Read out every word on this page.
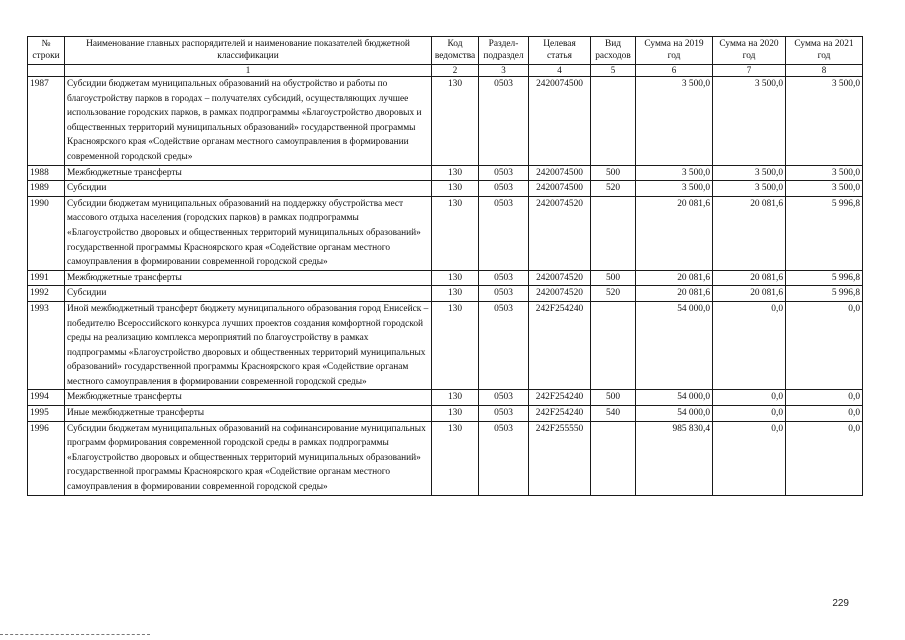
№ строки	Наименование главных распорядителей и наименование показателей бюджетной классификации	Код ведомства	Раздел-подраздел	Целевая статья	Вид расходов	Сумма на 2019 год	Сумма на 2020 год	Сумма на 2021 год
	1	2	3	4	5	6	7	8
1987	Субсидии бюджетам муниципальных образований на обустройство и работы по благоустройству парков в городах – получателях субсидий, осуществляющих лучшее использование городских парков, в рамках подпрограммы «Благоустройство дворовых и общественных территорий муниципальных образований» государственной программы Красноярского края «Содействие органам местного самоуправления в формировании современной городской среды»	130	0503	2420074500		3 500,0	3 500,0	3 500,0
1988	Межбюджетные трансферты	130	0503	2420074500	500	3 500,0	3 500,0	3 500,0
1989	Субсидии	130	0503	2420074500	520	3 500,0	3 500,0	3 500,0
1990	Субсидии бюджетам муниципальных образований на поддержку обустройства мест массового отдыха населения (городских парков) в рамках подпрограммы «Благоустройство дворовых и общественных территорий муниципальных образований» государственной программы Красноярского края «Содействие органам местного самоуправления в формировании современной городской среды»	130	0503	2420074520		20 081,6	20 081,6	5 996,8
1991	Межбюджетные трансферты	130	0503	2420074520	500	20 081,6	20 081,6	5 996,8
1992	Субсидии	130	0503	2420074520	520	20 081,6	20 081,6	5 996,8
1993	Иной межбюджетный трансферт бюджету муниципального образования город Енисейск – победителю Всероссийского конкурса лучших проектов создания комфортной городской среды на реализацию комплекса мероприятий по благоустройству в рамках подпрограммы «Благоустройство дворовых и общественных территорий муниципальных образований» государственной программы Красноярского края «Содействие органам местного самоуправления в формировании современной городской среды»	130	0503	242F254240		54 000,0	0,0	0,0
1994	Межбюджетные трансферты	130	0503	242F254240	500	54 000,0	0,0	0,0
1995	Иные межбюджетные трансферты	130	0503	242F254240	540	54 000,0	0,0	0,0
1996	Субсидии бюджетам муниципальных образований на софинансирование муниципальных программ формирования современной городской среды в рамках подпрограммы «Благоустройство дворовых и общественных территорий муниципальных образований» государственной программы Красноярского края «Содействие органам местного самоуправления в формировании современной городской среды»	130	0503	242F255550		985 830,4	0,0	0,0
229
